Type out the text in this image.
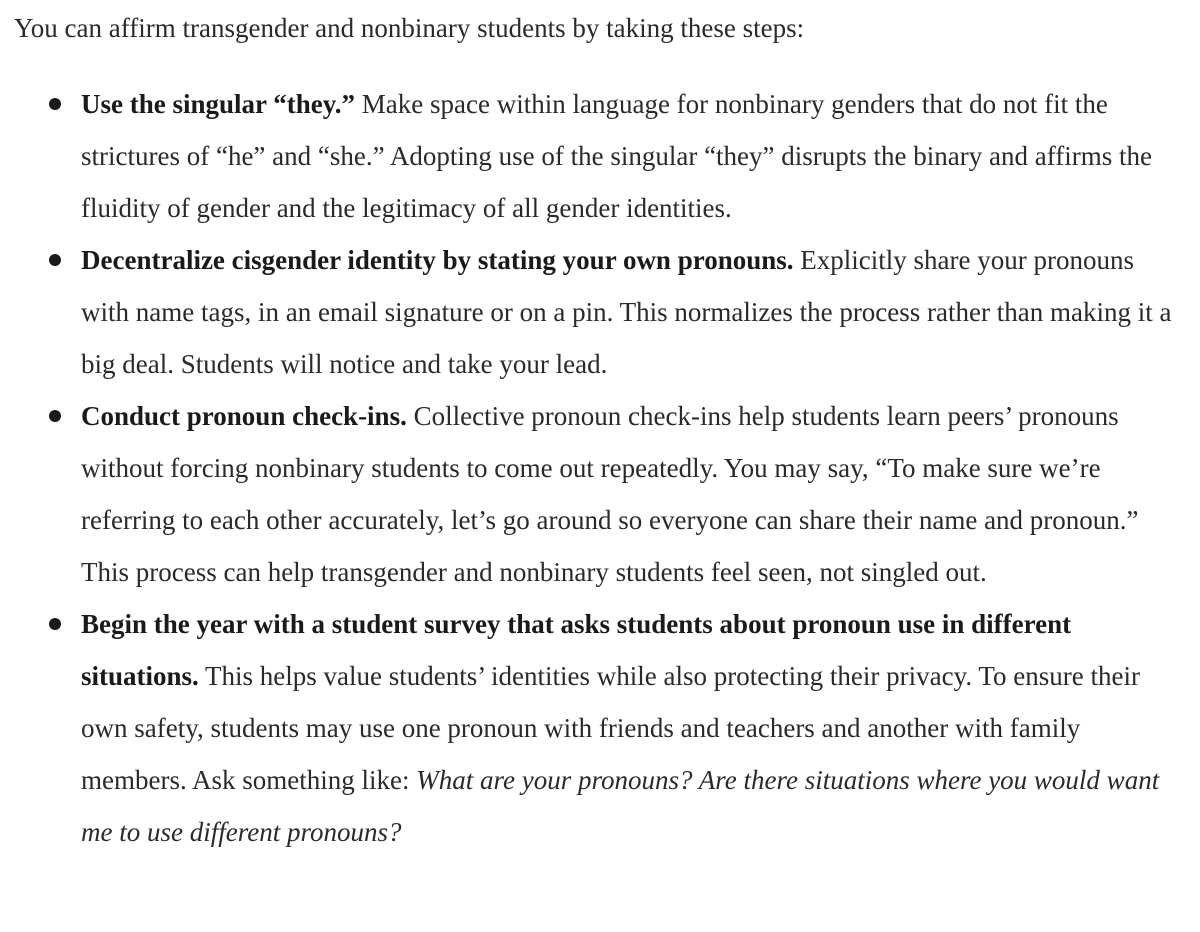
You can affirm transgender and nonbinary students by taking these steps:

Use the singular “they.” Make space within language for nonbinary genders that do not fit the strictures of “he” and “she.” Adopting use of the singular “they” disrupts the binary and affirms the fluidity of gender and the legitimacy of all gender identities.
Decentralize cisgender identity by stating your own pronouns. Explicitly share your pronouns with name tags, in an email signature or on a pin. This normalizes the process rather than making it a big deal. Students will notice and take your lead.
Conduct pronoun check-ins. Collective pronoun check-ins help students learn peers’ pronouns without forcing nonbinary students to come out repeatedly. You may say, “To make sure we’re referring to each other accurately, let’s go around so everyone can share their name and pronoun.” This process can help transgender and nonbinary students feel seen, not singled out.
Begin the year with a student survey that asks students about pronoun use in different situations. This helps value students’ identities while also protecting their privacy. To ensure their own safety, students may use one pronoun with friends and teachers and another with family members. Ask something like: What are your pronouns? Are there situations where you would want me to use different pronouns?
